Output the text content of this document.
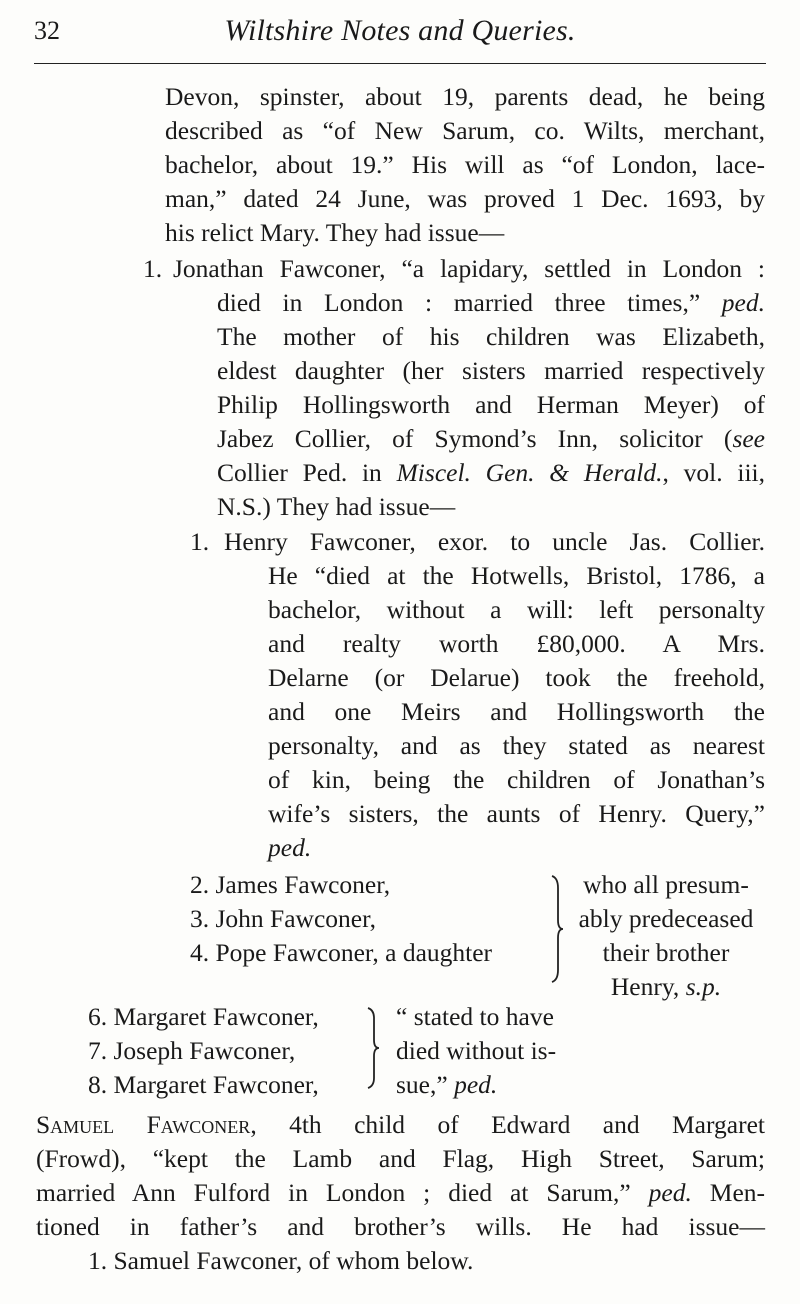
32	Wiltshire Notes and Queries.
Devon, spinster, about 19, parents dead, he being
described as “of New Sarum, co. Wilts, merchant,
bachelor, about 19.” His will as “of London, lace-
man,” dated 24 June, was proved 1 Dec. 1693, by
his relict Mary. They had issue—
1. Jonathan Fawconer, “a lapidary, settled in London :
died in London : married three times,” ped.
The mother of his children was Elizabeth,
eldest daughter (her sisters married respectively
Philip Hollingsworth and Herman Meyer) of
Jabez Collier, of Symond’s Inn, solicitor (see
Collier Ped. in Miscel. Gen. & Herald., vol. iii,
N.S.) They had issue—
1. Henry Fawconer, exor. to uncle Jas. Collier.
He “died at the Hotwells, Bristol, 1786, a
bachelor, without a will: left personalty
and realty worth £80,000. A Mrs.
Delarne (or Delarue) took the freehold,
and one Meirs and Hollingsworth the
personalty, and as they stated as nearest
of kin, being the children of Jonathan’s
wife’s sisters, the aunts of Henry. Query,”
ped.
2. James Fawconer,
3. John Fawconer,
4. Pope Fawconer, a daughter
who all presum-
ably predeceased
their brother
Henry, s.p.
6. Margaret Fawconer,
7. Joseph Fawconer,
8. Margaret Fawconer,
“ stated to have
died without is-
sue,” ped.
Samuel Fawconer, 4th child of Edward and Margaret
(Frowd), “kept the Lamb and Flag, High Street, Sarum;
married Ann Fulford in London ; died at Sarum,” ped. Men-
tioned in father’s and brother’s wills. He had issue—
1. Samuel Fawconer, of whom below.
